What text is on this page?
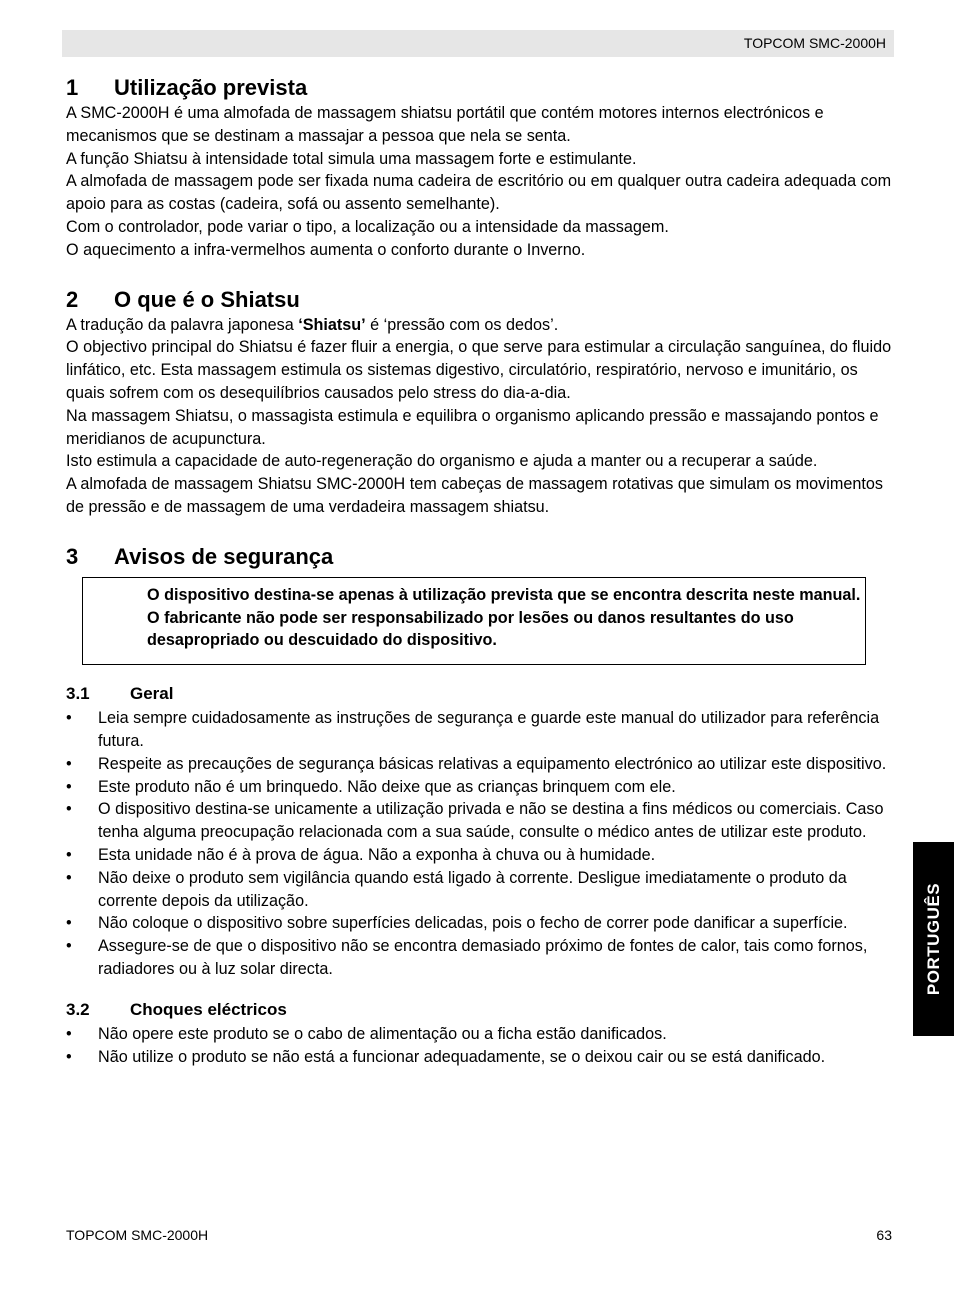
TOPCOM SMC-2000H
1	Utilização prevista

A SMC-2000H é uma almofada de massagem shiatsu portátil que contém motores internos electrónicos e mecanismos que se destinam a massajar a pessoa que nela se senta.

A função Shiatsu à intensidade total simula uma massagem forte e estimulante.

A almofada de massagem pode ser fixada numa cadeira de escritório ou em qualquer outra cadeira adequada com apoio para as costas (cadeira, sofá ou assento semelhante).

Com o controlador, pode variar o tipo, a localização ou a intensidade da massagem.

O aquecimento a infra-vermelhos aumenta o conforto durante o Inverno.

2	O que é o Shiatsu

A tradução da palavra japonesa ‘Shiatsu’ é ‘pressão com os dedos’.

O objectivo principal do Shiatsu é fazer fluir a energia, o que serve para estimular a circulação sanguínea, do fluido linfático, etc. Esta massagem estimula os sistemas digestivo, circulatório, respiratório, nervoso e imunitário, os quais sofrem com os desequilíbrios causados pelo stress do dia-a-dia.

Na massagem Shiatsu, o massagista estimula e equilibra o organismo aplicando pressão e massajando pontos e meridianos de acupunctura.

Isto estimula a capacidade de auto-regeneração do organismo e ajuda a manter ou a recuperar a saúde.

A almofada de massagem Shiatsu SMC-2000H tem cabeças de massagem rotativas que simulam os movimentos de pressão e de massagem de uma verdadeira massagem shiatsu.

3	Avisos de segurança
O dispositivo destina-se apenas à utilização prevista que se encontra descrita neste manual. O fabricante não pode ser responsabilizado por lesões ou danos resultantes do uso desapropriado ou descuidado do dispositivo.
3.1	Geral
• Leia sempre cuidadosamente as instruções de segurança e guarde este manual do utilizador para referência futura.
• Respeite as precauções de segurança básicas relativas a equipamento electrónico ao utilizar este dispositivo.
• Este produto não é um brinquedo. Não deixe que as crianças brinquem com ele.
• O dispositivo destina-se unicamente a utilização privada e não se destina a fins médicos ou comerciais. Caso tenha alguma preocupação relacionada com a sua saúde, consulte o médico antes de utilizar este produto.
• Esta unidade não é à prova de água. Não a exponha à chuva ou à humidade.
• Não deixe o produto sem vigilância quando está ligado à corrente. Desligue imediatamente o produto da corrente depois da utilização.
• Não coloque o dispositivo sobre superfícies delicadas, pois o fecho de correr pode danificar a superfície.
• Assegure-se de que o dispositivo não se encontra demasiado próximo de fontes de calor, tais como fornos, radiadores ou à luz solar directa.
3.2	Choques eléctricos
• Não opere este produto se o cabo de alimentação ou a ficha estão danificados.
• Não utilize o produto se não está a funcionar adequadamente, se o deixou cair ou se está danificado.
PORTUGUÊS
TOPCOM SMC-2000H	63
